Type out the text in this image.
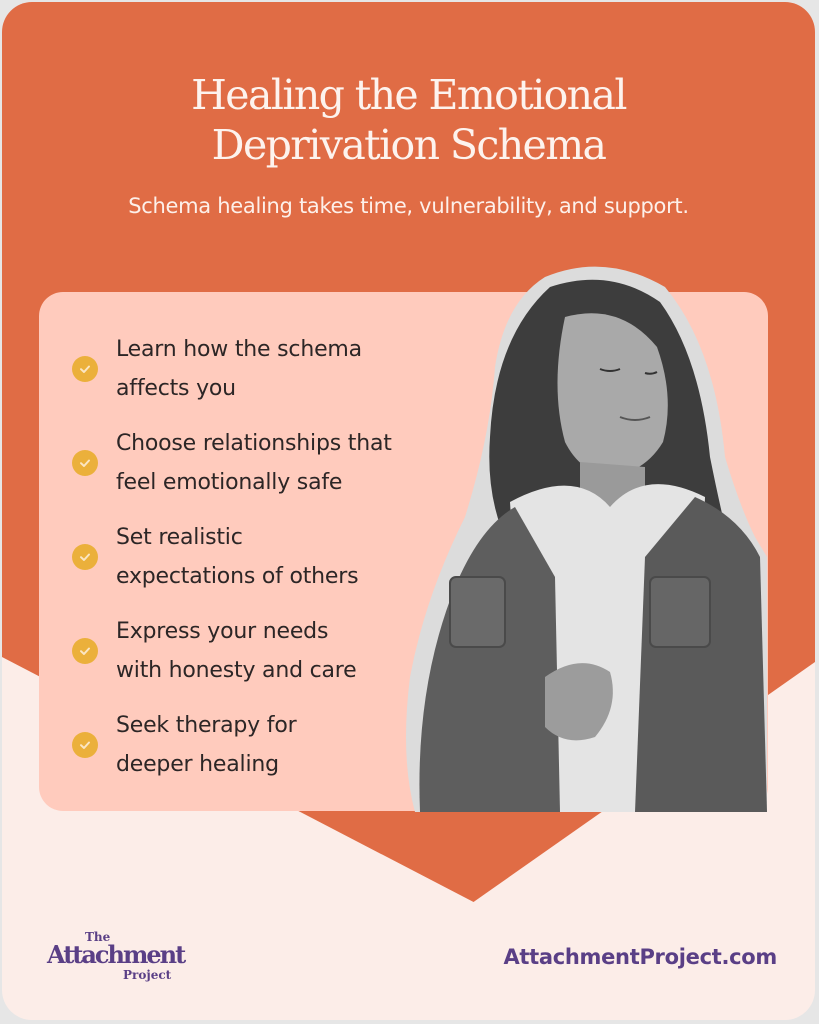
Healing the Emotional
Deprivation Schema
Schema healing takes time, vulnerability, and support.
Learn how the schema
affects you
Choose relationships that
feel emotionally safe
Set realistic
expectations of others
Express your needs
with honesty and care
Seek therapy for
deeper healing
The
Attachment
Project
AttachmentProject.com
